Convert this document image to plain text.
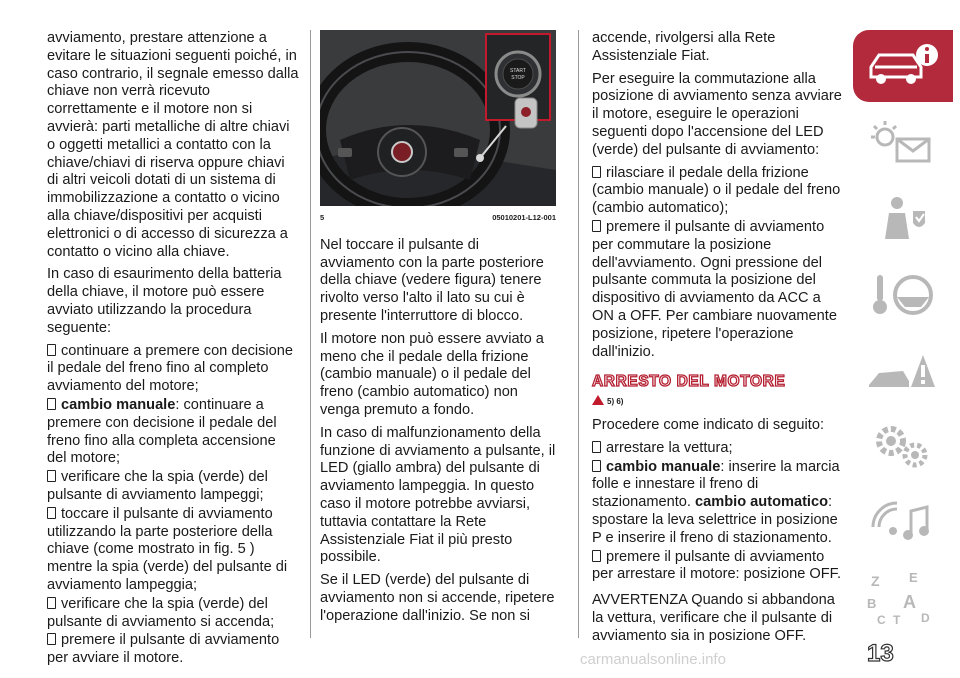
avviamento, prestare attenzione a evitare le situazioni seguenti poiché, in caso contrario, il segnale emesso dalla chiave non verrà ricevuto correttamente e il motore non si avvierà: parti metalliche di altre chiavi o oggetti metallici a contatto con la chiave/chiavi di riserva oppure chiavi di altri veicoli dotati di un sistema di immobilizzazione a contatto o vicino alla chiave/dispositivi per acquisti elettronici o di accesso di sicurezza a contatto o vicino alla chiave.

In caso di esaurimento della batteria della chiave, il motore può essere avviato utilizzando la procedura seguente:

continuare a premere con decisione il pedale del freno fino al completo avviamento del motore;
cambio manuale: continuare a premere con decisione il pedale del freno fino alla completa accensione del motore;
verificare che la spia (verde) del pulsante di avviamento lampeggi;
toccare il pulsante di avviamento utilizzando la parte posteriore della chiave (come mostrato in fig. 5 ) mentre la spia (verde) del pulsante di avviamento lampeggia;
verificare che la spia (verde) del pulsante di avviamento si accenda;
premere il pulsante di avviamento per avviare il motore.
START
STOP
5	05010201-L12-001

Nel toccare il pulsante di avviamento con la parte posteriore della chiave (vedere figura) tenere rivolto verso l'alto il lato su cui è presente l'interruttore di blocco.

Il motore non può essere avviato a meno che il pedale della frizione (cambio manuale) o il pedale del freno (cambio automatico) non venga premuto a fondo.

In caso di malfunzionamento della funzione di avviamento a pulsante, il LED (giallo ambra) del pulsante di avviamento lampeggia. In questo caso il motore potrebbe avviarsi, tuttavia contattare la Rete Assistenziale Fiat il più presto possibile.

Se il LED (verde) del pulsante di avviamento non si accende, ripetere l'operazione dall'inizio. Se non si

accende, rivolgersi alla Rete Assistenziale Fiat.

Per eseguire la commutazione alla posizione di avviamento senza avviare il motore, eseguire le operazioni seguenti dopo l'accensione del LED (verde) del pulsante di avviamento:

rilasciare il pedale della frizione (cambio manuale) o il pedale del freno (cambio automatico);
premere il pulsante di avviamento per commutare la posizione dell'avviamento. Ogni pressione del pulsante commuta la posizione del dispositivo di avviamento da ACC a ON a OFF. Per cambiare nuovamente posizione, ripetere l'operazione dall'inizio.
ARRESTO DEL MOTORE
5) 6)

Procedere come indicato di seguito:

arrestare la vettura;
cambio manuale: inserire la marcia folle e innestare il freno di stazionamento. cambio automatico: spostare la leva selettrice in posizione P e inserire il freno di stazionamento.
premere il pulsante di avviamento per arrestare il motore: posizione OFF.

AVVERTENZA Quando si abbandona la vettura, verificare che il pulsante di avviamento sia in posizione OFF.

Z E
B A
C T D
13
carmanualsonline.info
